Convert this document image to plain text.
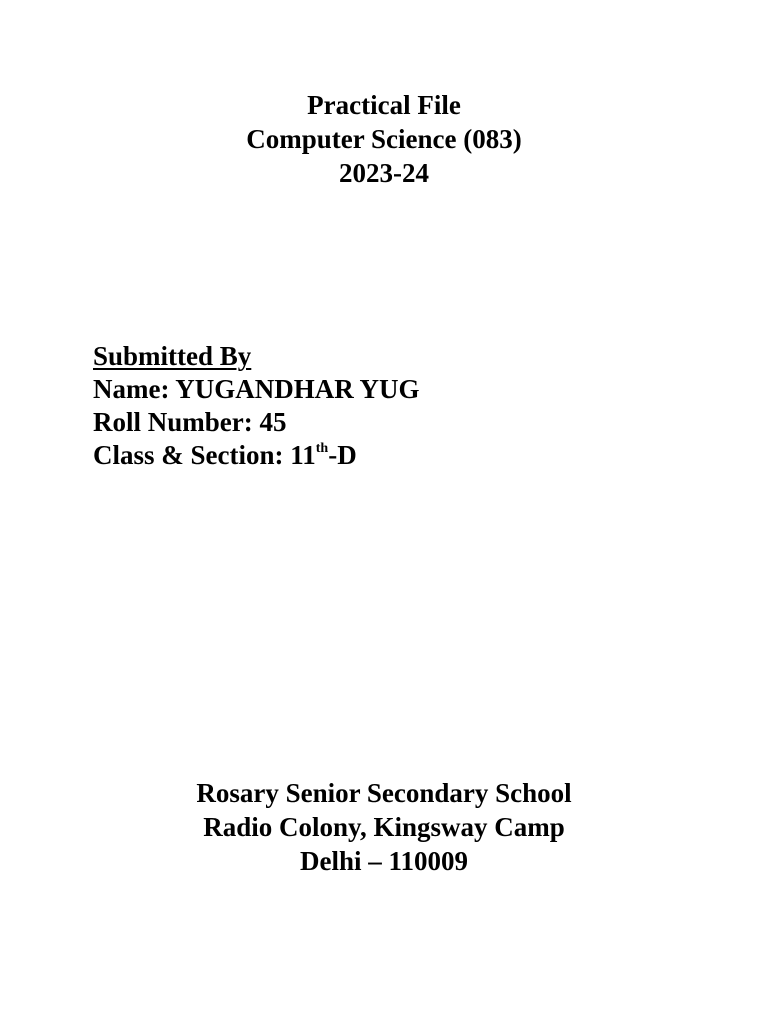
Practical File
Computer Science (083)
2023-24
Submitted By
Name: YUGANDHAR YUG
Roll Number: 45
Class & Section: 11th-D
Rosary Senior Secondary School
Radio Colony, Kingsway Camp
Delhi – 110009
